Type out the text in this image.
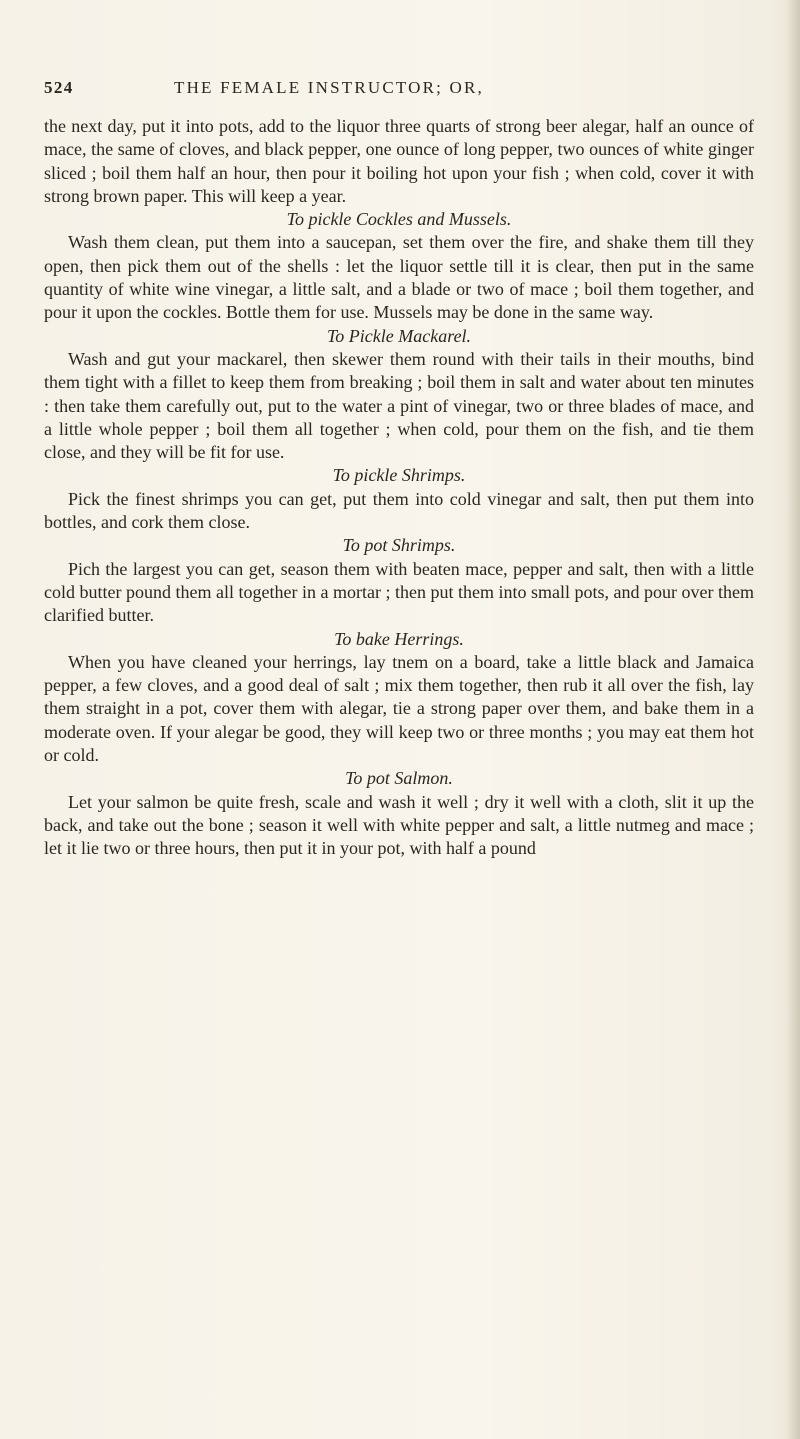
524	THE FEMALE INSTRUCTOR; OR,

the next day, put it into pots, add to the liquor three quarts of strong beer alegar, half an ounce of mace, the same of cloves, and black pepper, one ounce of long pepper, two ounces of white ginger sliced ; boil them half an hour, then pour it boiling hot upon your fish ; when cold, cover it with strong brown paper. This will keep a year.

To pickle Cockles and Mussels.

Wash them clean, put them into a saucepan, set them over the fire, and shake them till they open, then pick them out of the shells : let the liquor settle till it is clear, then put in the same quantity of white wine vinegar, a little salt, and a blade or two of mace ; boil them together, and pour it upon the cockles. Bottle them for use. Mussels may be done in the same way.

To Pickle Mackarel.

Wash and gut your mackarel, then skewer them round with their tails in their mouths, bind them tight with a fillet to keep them from breaking ; boil them in salt and water about ten minutes : then take them carefully out, put to the water a pint of vinegar, two or three blades of mace, and a little whole pepper ; boil them all together ; when cold, pour them on the fish, and tie them close, and they will be fit for use.

To pickle Shrimps.

Pick the finest shrimps you can get, put them into cold vinegar and salt, then put them into bottles, and cork them close.

To pot Shrimps.

Pich the largest you can get, season them with beaten mace, pepper and salt, then with a little cold butter pound them all together in a mortar ; then put them into small pots, and pour over them clarified butter.

To bake Herrings.

When you have cleaned your herrings, lay tnem on a board, take a little black and Jamaica pepper, a few cloves, and a good deal of salt ; mix them together, then rub it all over the fish, lay them straight in a pot, cover them with alegar, tie a strong paper over them, and bake them in a moderate oven. If your alegar be good, they will keep two or three months ; you may eat them hot or cold.

To pot Salmon.

Let your salmon be quite fresh, scale and wash it well ; dry it well with a cloth, slit it up the back, and take out the bone ; season it well with white pepper and salt, a little nutmeg and mace ; let it lie two or three hours, then put it in your pot, with half a pound
